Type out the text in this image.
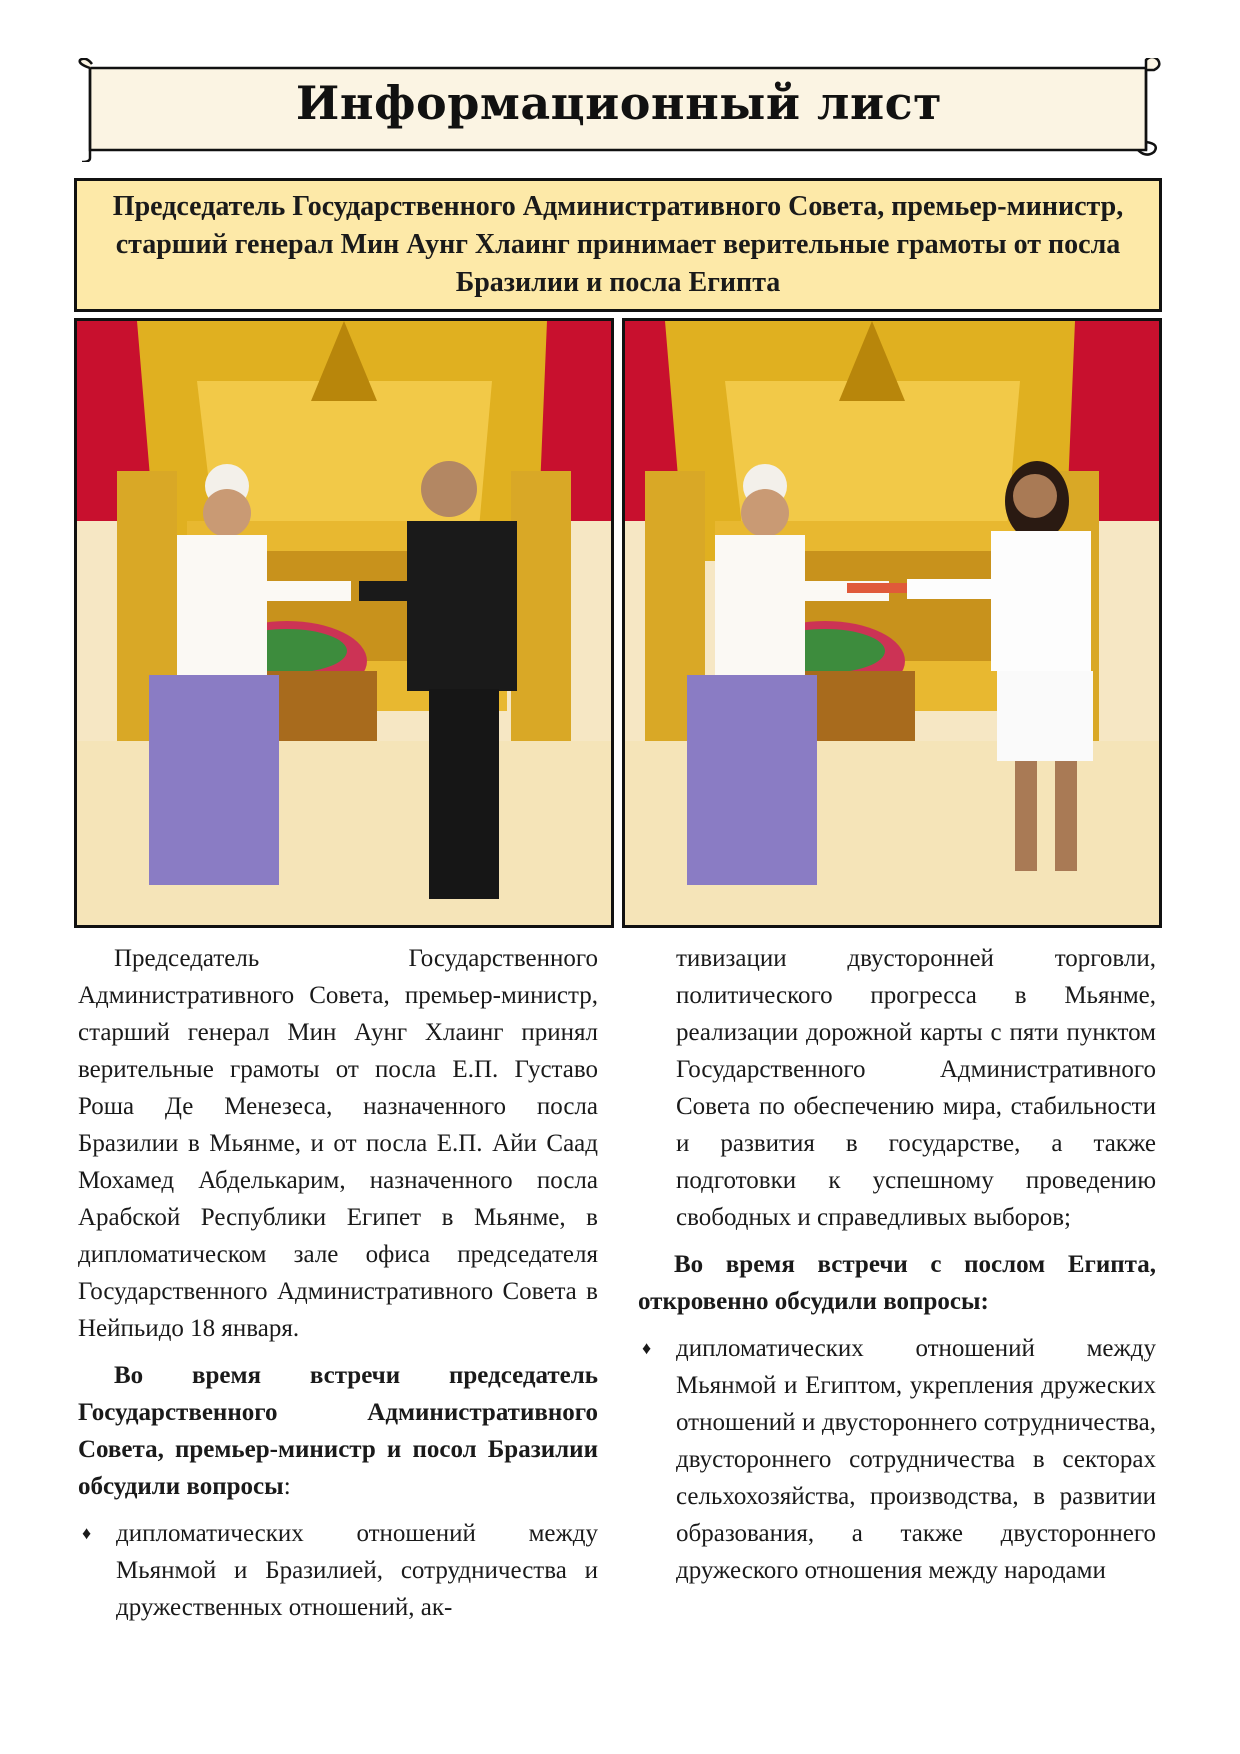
Информационный лист
Председатель Государственного Административного Совета, премьер-министр, старший генерал Мин Аунг Хлаинг принимает верительные грамоты от посла Бразилии и посла Египта

Председатель Государственного Административного Совета, премьер-министр, старший генерал Мин Аунг Хлаинг принял верительные грамоты от посла Е.П. Густаво Роша Де Менезеса, назначенного посла Бразилии в Мьянме, и от посла Е.П. Айи Саад Мохамед Абделькарим, назначенного посла Арабской Республики Египет в Мьянме, в дипломатическом зале офиса председателя Государственного Административного Совета в Нейпьидо 18 января.

Во время встречи председатель Государственного Административного Совета, премьер-министр и посол Бразилии обсудили вопросы:

♦ дипломатических отношений между Мьянмой и Бразилией, сотрудничества и дружественных отношений, ак-

тивизации двусторонней торговли, политического прогресса в Мьянме, реализации дорожной карты с пяти пунктом Государственного Административного Совета по обеспечению мира, стабильности и развития в государстве, а также подготовки к успешному проведению свободных и справедливых выборов;

Во время встречи с послом Египта, откровенно обсудили вопросы:

♦ дипломатических отношений между Мьянмой и Египтом, укрепления дружеских отношений и двустороннего сотрудничества, двустороннего сотрудничества в секторах сельхохозяйства, производства, в развитии образования, а также двустороннего дружеского отношения между народами
